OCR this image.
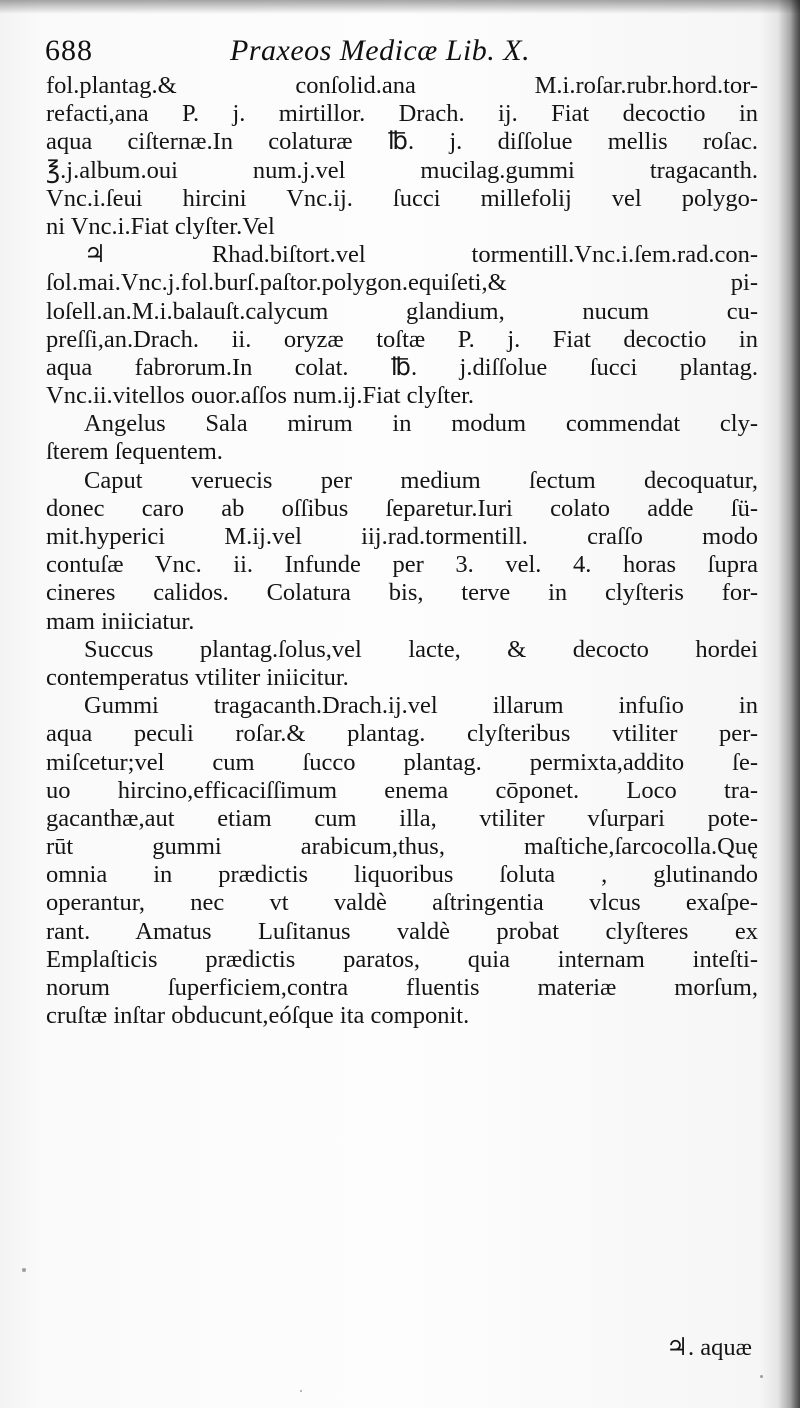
688	Praxeos Medicæ Lib. X.
fol.plantag.& conſolid.ana M.i.roſar.rubr.hord.tor-
refacti,ana P. j. mirtillor. Drach. ij. Fiat decoctio in
aqua ciſternæ.In colaturæ ℔. j. diſſolue mellis roſac.
℥.j.album.oui num.j.vel mucilag.gummi tragacanth.
Vnc.i.ſeui hircini Vnc.ij. ſucci millefolij vel polygo-
ni Vnc.i.Fiat clyſter.Vel
♃ Rhad.biſtort.vel tormentill.Vnc.i.ſem.rad.con-
ſol.mai.Vnc.j.fol.burſ.paſtor.polygon.equiſeti,& pi-
loſell.an.M.i.balauſt.calycum glandium, nucum cu-
preſſi,an.Drach. ii. oryzæ toſtæ P. j. Fiat decoctio in
aqua fabrorum.In colat. ℔. j.diſſolue ſucci plantag.
Vnc.ii.vitellos ouor.aſſos num.ij.Fiat clyſter.
Angelus Sala mirum in modum commendat cly-
ſterem ſequentem.
Caput veruecis per medium ſectum decoquatur,
donec caro ab oſſibus ſeparetur.Iuri colato adde ſü-
mit.hyperici M.ij.vel iij.rad.tormentill. craſſo modo
contuſæ Vnc. ii. Infunde per 3. vel. 4. horas ſupra
cineres calidos. Colatura bis, terve in clyſteris for-
mam iniiciatur.
Succus plantag.ſolus,vel lacte, & decocto hordei
contemperatus vtiliter iniicitur.
Gummi tragacanth.Drach.ij.vel illarum infuſio in
aqua peculi roſar.& plantag. clyſteribus vtiliter per-
miſcetur;vel cum ſucco plantag. permixta,addito ſe-
uo hircino,efficaciſſimum enema cōponet. Loco tra-
gacanthæ,aut etiam cum illa, vtiliter vſurpari pote-
rūt gummi arabicum,thus, maſtiche,ſarcocolla.Quę
omnia in prædictis liquoribus ſoluta , glutinando
operantur, nec vt valdè aſtringentia vlcus exaſpe-
rant. Amatus Luſitanus valdè probat clyſteres ex
Emplaſticis prædictis paratos, quia internam inteſti-
norum ſuperficiem,contra fluentis materiæ morſum,
cruſtæ inſtar obducunt,eóſque ita componit.
♃. aquæ
